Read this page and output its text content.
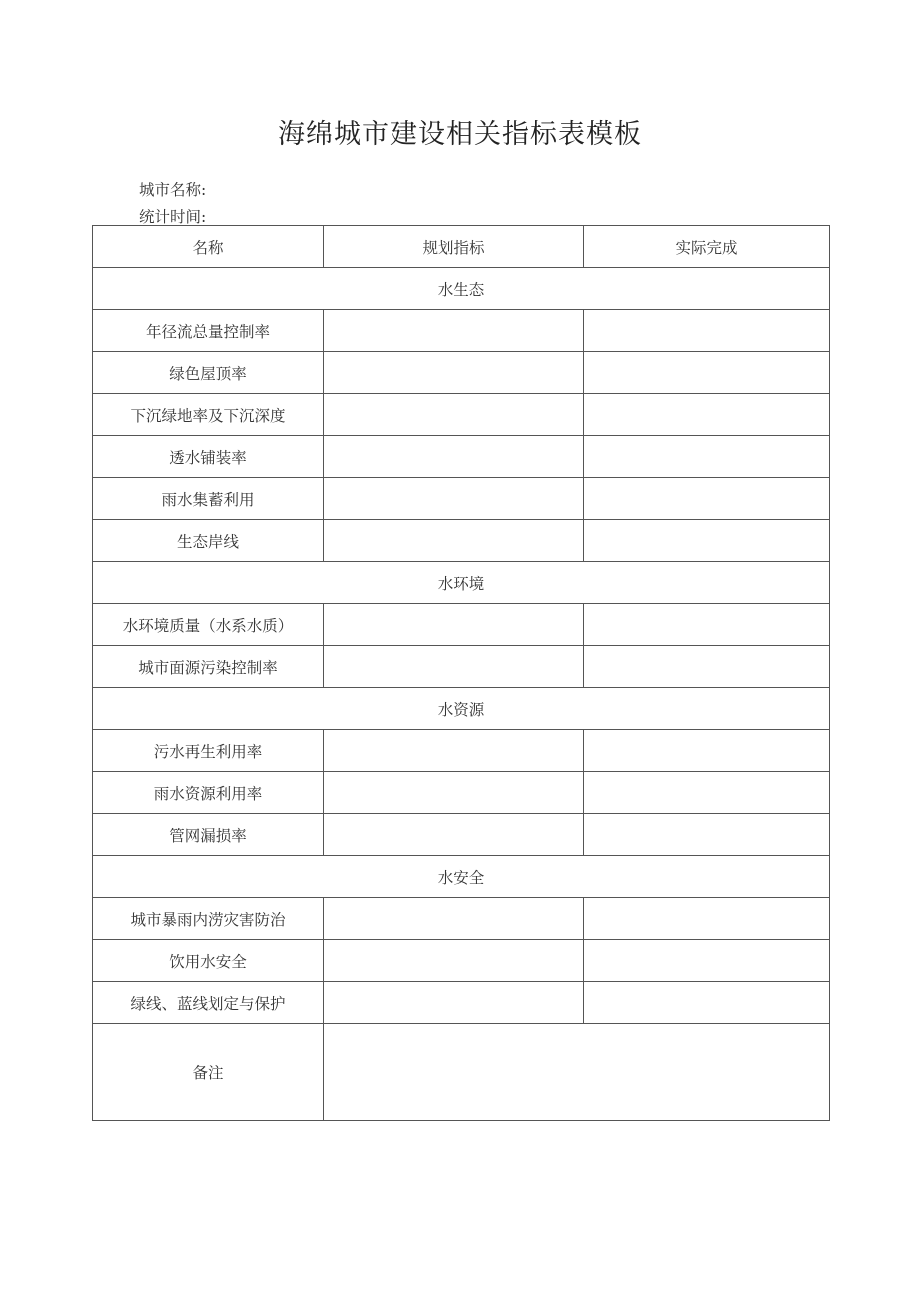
海绵城市建设相关指标表模板
城市名称:
统计时间:
名称	规划指标	实际完成
水生态		
年径流总量控制率		
绿色屋顶率		
下沉绿地率及下沉深度		
透水铺装率		
雨水集蓄利用		
生态岸线		
水环境		
水环境质量（水系水质）		
城市面源污染控制率		
水资源		
污水再生利用率		
雨水资源利用率		
管网漏损率		
水安全		
城市暴雨内涝灾害防治		
饮用水安全		
绿线、蓝线划定与保护		
备注		
